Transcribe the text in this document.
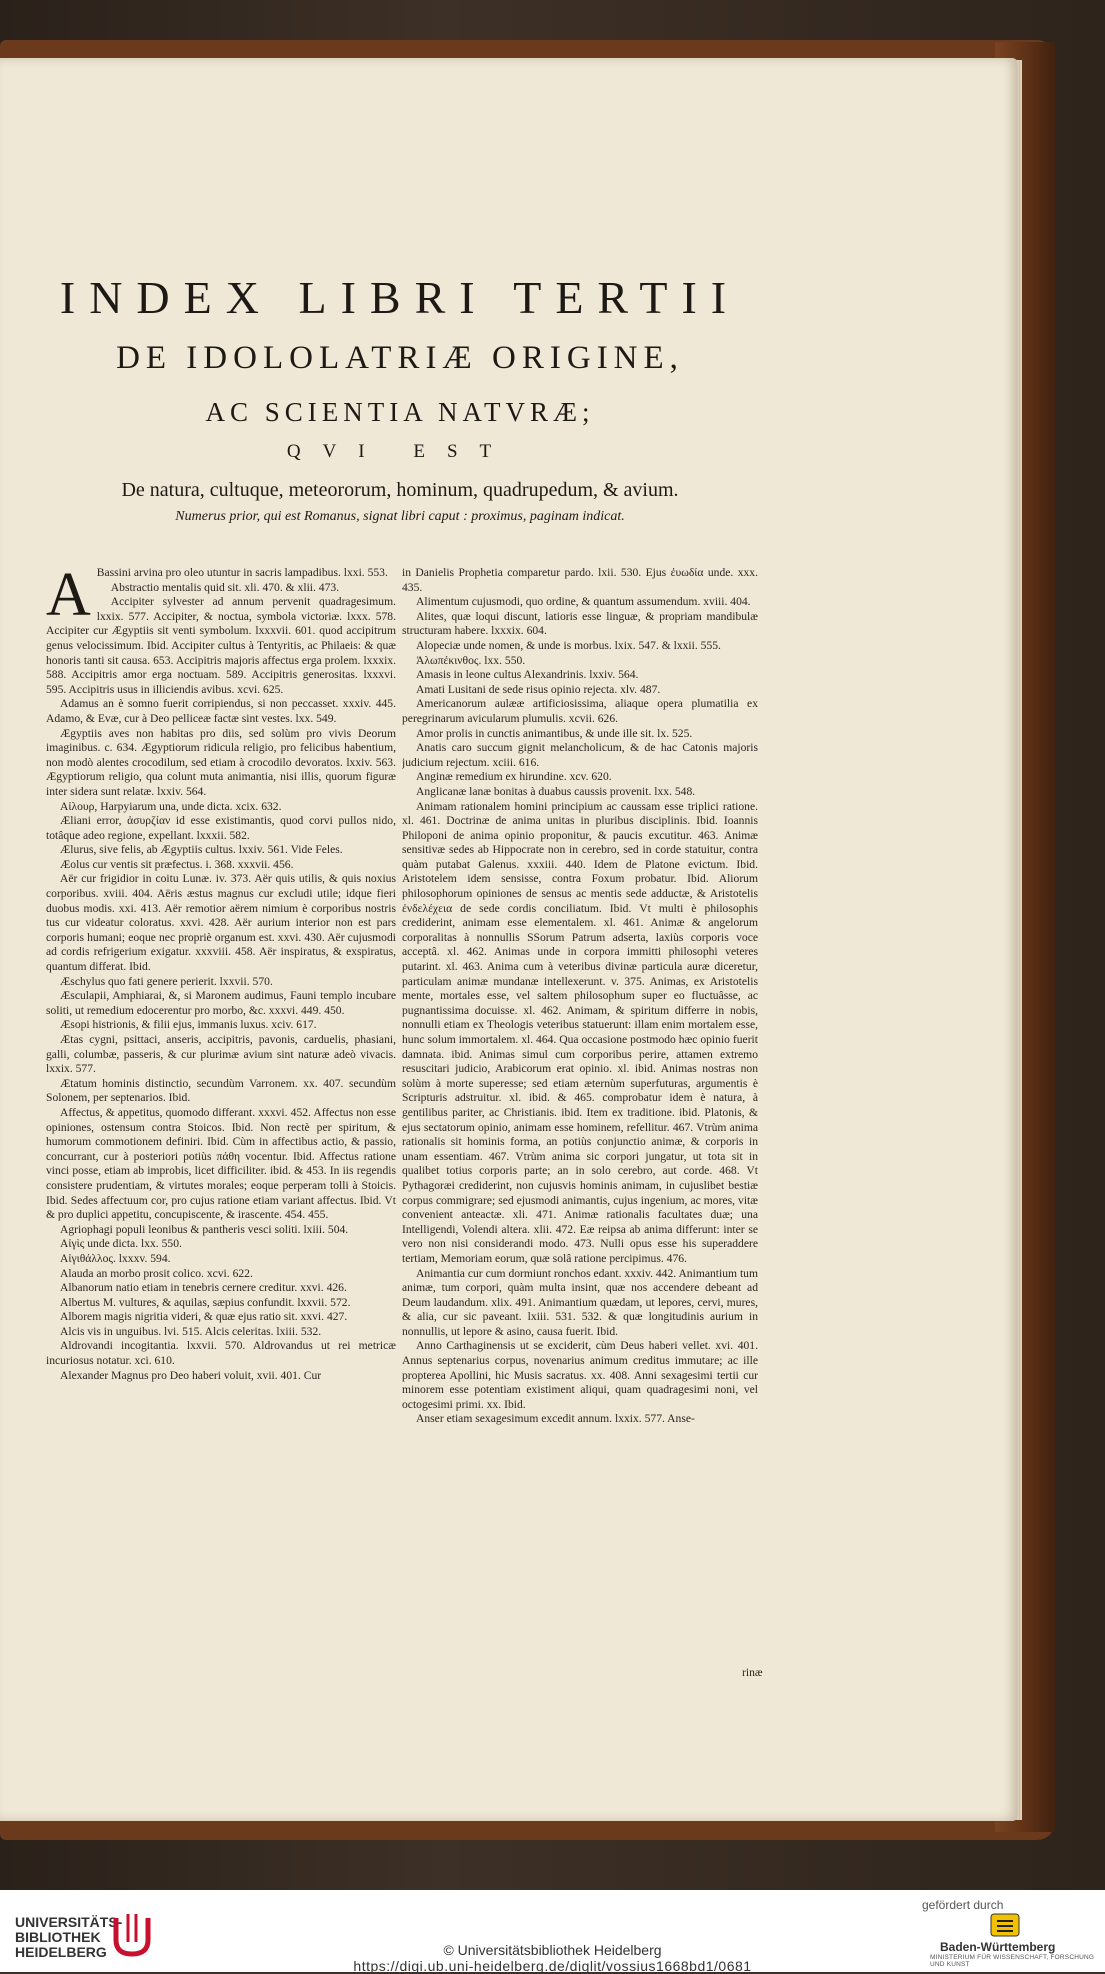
INDEX LIBRI TERTII
DE IDOLOLATRIÆ ORIGINE,
AC SCIENTIA NATVRÆ;
QVI EST
De natura, cultuque, meteororum, hominum, quadrupedum, & avium.
Numerus prior, qui est Romanus, signat libri caput : proximus, paginam indicat.
A Bassini arvina pro oleo utuntur in sacris lampadibus. lxxi. 553.

Abstractio mentalis quid sit. xli. 470. & xlii. 473.

Accipiter sylvester ad annum pervenit quadragesimum. lxxix. 577. Accipiter, & noctua, symbola victoriæ. lxxx. 578. Accipiter cur Ægyptiis sit venti symbolum. lxxxvii. 601. quod accipitrum genus velocissimum. Ibid. Accipiter cultus à Tentyritis, ac Philaeis: & quæ honoris tanti sit causa. 653. Accipitris majoris affectus erga prolem. lxxxix. 588. Accipitris amor erga noctuam. 589. Accipitris generositas. lxxxvi. 595. Accipitris usus in illiciendis avibus. xcvi. 625.

Adamus an è somno fuerit corripiendus, si non peccasset. xxxiv. 445. Adamo, & Evæ, cur à Deo pelliceæ factæ sint vestes. lxx. 549.

Ægyptiis aves non habitas pro diis, sed solùm pro vivis Deorum imaginibus. c. 634. Ægyptiorum ridicula religio, pro felicibus habentium, non modò alentes crocodilum, sed etiam à crocodilo devoratos. lxxiv. 563. Ægyptiorum religio, qua colunt muta animantia, nisi illis, quorum figuræ inter sidera sunt relatæ. lxxiv. 564.

Αἰλουρ, Harpyiarum una, unde dicta. xcix. 632.

Æliani error, ἀσυρζίαν id esse existimantis, quod corvi pullos nido, totâque adeo regione, expellant. lxxxii. 582.

Ælurus, sive felis, ab Ægyptiis cultus. lxxiv. 561. Vide Feles.

Æolus cur ventis sit præfectus. i. 368. xxxvii. 456.

Aër cur frigidior in coitu Lunæ. iv. 373. Aër quis utilis, & quis noxius corporibus. xviii. 404. Aëris æstus magnus cur excludi utile; idque fieri duobus modis. xxi. 413. Aër remotior aërem nimium è corporibus nostris tus cur videatur coloratus. xxvi. 428. Aër aurium interior non est pars corporis humani; eoque nec propriè organum est. xxvi. 430. Aër cujusmodi ad cordis refrigerium exigatur. xxxviii. 458. Aër inspiratus, & exspiratus, quantum differat. Ibid.

Æschylus quo fati genere perierit. lxxvii. 570.

Æsculapii, Amphiarai, &, si Maronem audimus, Fauni templo incubare soliti, ut remedium edocerentur pro morbo, &c. xxxvi. 449. 450.

Æsopi histrionis, & filii ejus, immanis luxus. xciv. 617.

Ætas cygni, psittaci, anseris, accipitris, pavonis, carduelis, phasiani, galli, columbæ, passeris, & cur plurimæ avium sint naturæ adeò vivacis. lxxix. 577.

Ætatum hominis distinctio, secundùm Varronem. xx. 407. secundùm Solonem, per septenarios. Ibid.

Affectus, & appetitus, quomodo differant. xxxvi. 452. Affectus non esse opiniones, ostensum contra Stoicos. Ibid. Non rectè per spiritum, & humorum commotionem definiri. Ibid. Cùm in affectibus actio, & passio, concurrant, cur à posteriori potiùs πάθη vocentur. Ibid. Affectus ratione vinci posse, etiam ab improbis, licet difficiliter. ibid. & 453. In iis regendis consistere prudentiam, & virtutes morales; eoque perperam tolli à Stoicis. Ibid. Sedes affectuum cor, pro cujus ratione etiam variant affectus. Ibid. Vt & pro duplici appetitu, concupiscente, & irascente. 454. 455.

Agriophagi populi leonibus & pantheris vesci soliti. lxiii. 504.

Αἰγὶς unde dicta. lxx. 550.

Αἰγιθάλλος. lxxxv. 594.

Alauda an morbo prosit colico. xcvi. 622.

Albanorum natio etiam in tenebris cernere creditur. xxvi. 426.

Albertus M. vultures, & aquilas, sæpius confundit. lxxvii. 572.

Alborem magis nigritia videri, & quæ ejus ratio sit. xxvi. 427.

Alcis vis in unguibus. lvi. 515. Alcis celeritas. lxiii. 532.

Aldrovandi incogitantia. lxxvii. 570. Aldrovandus ut rei metricæ incuriosus notatur. xci. 610.

Alexander Magnus pro Deo haberi voluit, xvii. 401. Cur

in Danielis Prophetia comparetur pardo. lxii. 530. Ejus ἐυωδία unde. xxx. 435.

Alimentum cujusmodi, quo ordine, & quantum assumendum. xviii. 404.

Alites, quæ loqui discunt, latioris esse linguæ, & propriam mandibulæ structuram habere. lxxxix. 604.

Alopeciæ unde nomen, & unde is morbus. lxix. 547. & lxxii. 555.

Ἀλωπέκινθος. lxx. 550.

Amasis in leone cultus Alexandrinis. lxxiv. 564.

Amati Lusitani de sede risus opinio rejecta. xlv. 487.

Americanorum aulææ artificiosissima, aliaque opera plumatilia ex peregrinarum avicularum plumulis. xcvii. 626.

Amor prolis in cunctis animantibus, & unde ille sit. lx. 525.

Anatis caro succum gignit melancholicum, & de hac Catonis majoris judicium rejectum. xciii. 616.

Anginæ remedium ex hirundine. xcv. 620.

Anglicanæ lanæ bonitas à duabus caussis provenit. lxx. 548.

Animam rationalem homini principium ac caussam esse triplici ratione. xl. 461. Doctrinæ de anima unitas in pluribus disciplinis. Ibid. Ioannis Philoponi de anima opinio proponitur, & paucis excutitur. 463. Animæ sensitivæ sedes ab Hippocrate non in cerebro, sed in corde statuitur, contra quàm putabat Galenus. xxxiii. 440. Idem de Platone evictum. Ibid. Aristotelem idem sensisse, contra Foxum probatur. Ibid. Aliorum philosophorum opiniones de sensus ac mentis sede adductæ, & Aristotelis ἐνδελέχεια de sede cordis conciliatum. Ibid. Vt multi è philosophis crediderint, animam esse elementalem. xl. 461. Animæ & angelorum corporalitas à nonnullis SSorum Patrum adserta, laxiùs corporis voce acceptâ. xl. 462. Animas unde in corpora immitti philosophi veteres putarint. xl. 463. Anima cum à veteribus divinæ particula auræ diceretur, particulam animæ mundanæ intellexerunt. v. 375. Animas, ex Aristotelis mente, mortales esse, vel saltem philosophum super eo fluctuâsse, ac pugnantissima docuisse. xl. 462. Animam, & spiritum differre in nobis, nonnulli etiam ex Theologis veteribus statuerunt: illam enim mortalem esse, hunc solum immortalem. xl. 464. Qua occasione postmodo hæc opinio fuerit damnata. ibid. Animas simul cum corporibus perire, attamen extremo resuscitari judicio, Arabicorum erat opinio. xl. ibid. Animas nostras non solùm à morte superesse; sed etiam æternùm superfuturas, argumentis è Scripturis adstruitur. xl. ibid. & 465. comprobatur idem è natura, à gentilibus pariter, ac Christianis. ibid. Item ex traditione. ibid. Platonis, & ejus sectatorum opinio, animam esse hominem, refellitur. 467. Vtrùm anima rationalis sit hominis forma, an potiùs conjunctio animæ, & corporis in unam essentiam. 467. Vtrùm anima sic corpori jungatur, ut tota sit in qualibet totius corporis parte; an in solo cerebro, aut corde. 468. Vt Pythagoræi crediderint, non cujusvis hominis animam, in cujuslibet bestiæ corpus commigrare; sed ejusmodi animantis, cujus ingenium, ac mores, vitæ convenient anteactæ. xli. 471. Animæ rationalis facultates duæ; una Intelligendi, Volendi altera. xlii. 472. Eæ reipsa ab anima differunt: inter se vero non nisi considerandi modo. 473. Nulli opus esse his superaddere tertiam, Memoriam eorum, quæ solâ ratione percipimus. 476.

Animantia cur cum dormiunt ronchos edant. xxxiv. 442. Animantium tum animæ, tum corpori, quàm multa insint, quæ nos accendere debeant ad Deum laudandum. xlix. 491. Animantium quædam, ut lepores, cervi, mures, & alia, cur sic paveant. lxiii. 531. 532. & quæ longitudinis aurium in nonnullis, ut lepore & asino, causa fuerit. Ibid.

Anno Carthaginensis ut se exciderit, cùm Deus haberi vellet. xvi. 401. Annus septenarius corpus, novenarius animum creditus immutare; ac ille propterea Apollini, hic Musis sacratus. xx. 408. Anni sexagesimi tertii cur minorem esse potentiam existiment aliqui, quam quadragesimi noni, vel octogesimi primi. xx. Ibid.

Anser etiam sexagesimum excedit annum. lxxix. 577. Anse-

rinæ
UNIVERSITÄTS-
BIBLIOTHEK
HEIDELBERG	© Universitätsbibliothek Heidelberg
https://digi.ub.uni-heidelberg.de/diglit/vossius1668bd1/0681
gefördert durch
Baden-Württemberg
MINISTERIUM FÜR WISSENSCHAFT, FORSCHUNG UND KUNST
